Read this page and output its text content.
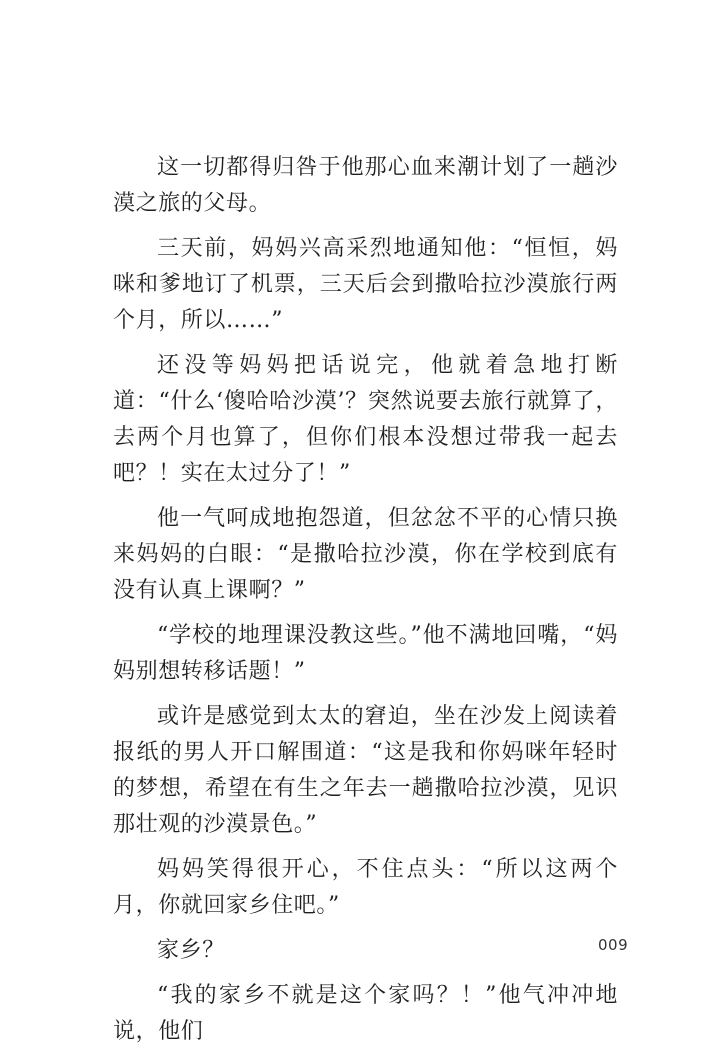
这一切都得归咎于他那心血来潮计划了一趟沙漠之旅的父母。

三天前，妈妈兴高采烈地通知他：“恒恒，妈咪和爹地订了机票，三天后会到撒哈拉沙漠旅行两个月，所以……”

还没等妈妈把话说完，他就着急地打断道：“什么‘傻哈哈沙漠’？突然说要去旅行就算了，去两个月也算了，但你们根本没想过带我一起去吧？！实在太过分了！”

他一气呵成地抱怨道，但忿忿不平的心情只换来妈妈的白眼：“是撒哈拉沙漠，你在学校到底有没有认真上课啊？”

“学校的地理课没教这些。”他不满地回嘴，“妈妈别想转移话题！”

或许是感觉到太太的窘迫，坐在沙发上阅读着报纸的男人开口解围道：“这是我和你妈咪年轻时的梦想，希望在有生之年去一趟撒哈拉沙漠，见识那壮观的沙漠景色。”

妈妈笑得很开心，不住点头：“所以这两个月，你就回家乡住吧。”

家乡？

“我的家乡不就是这个家吗？！”他气冲冲地说，他们

009
